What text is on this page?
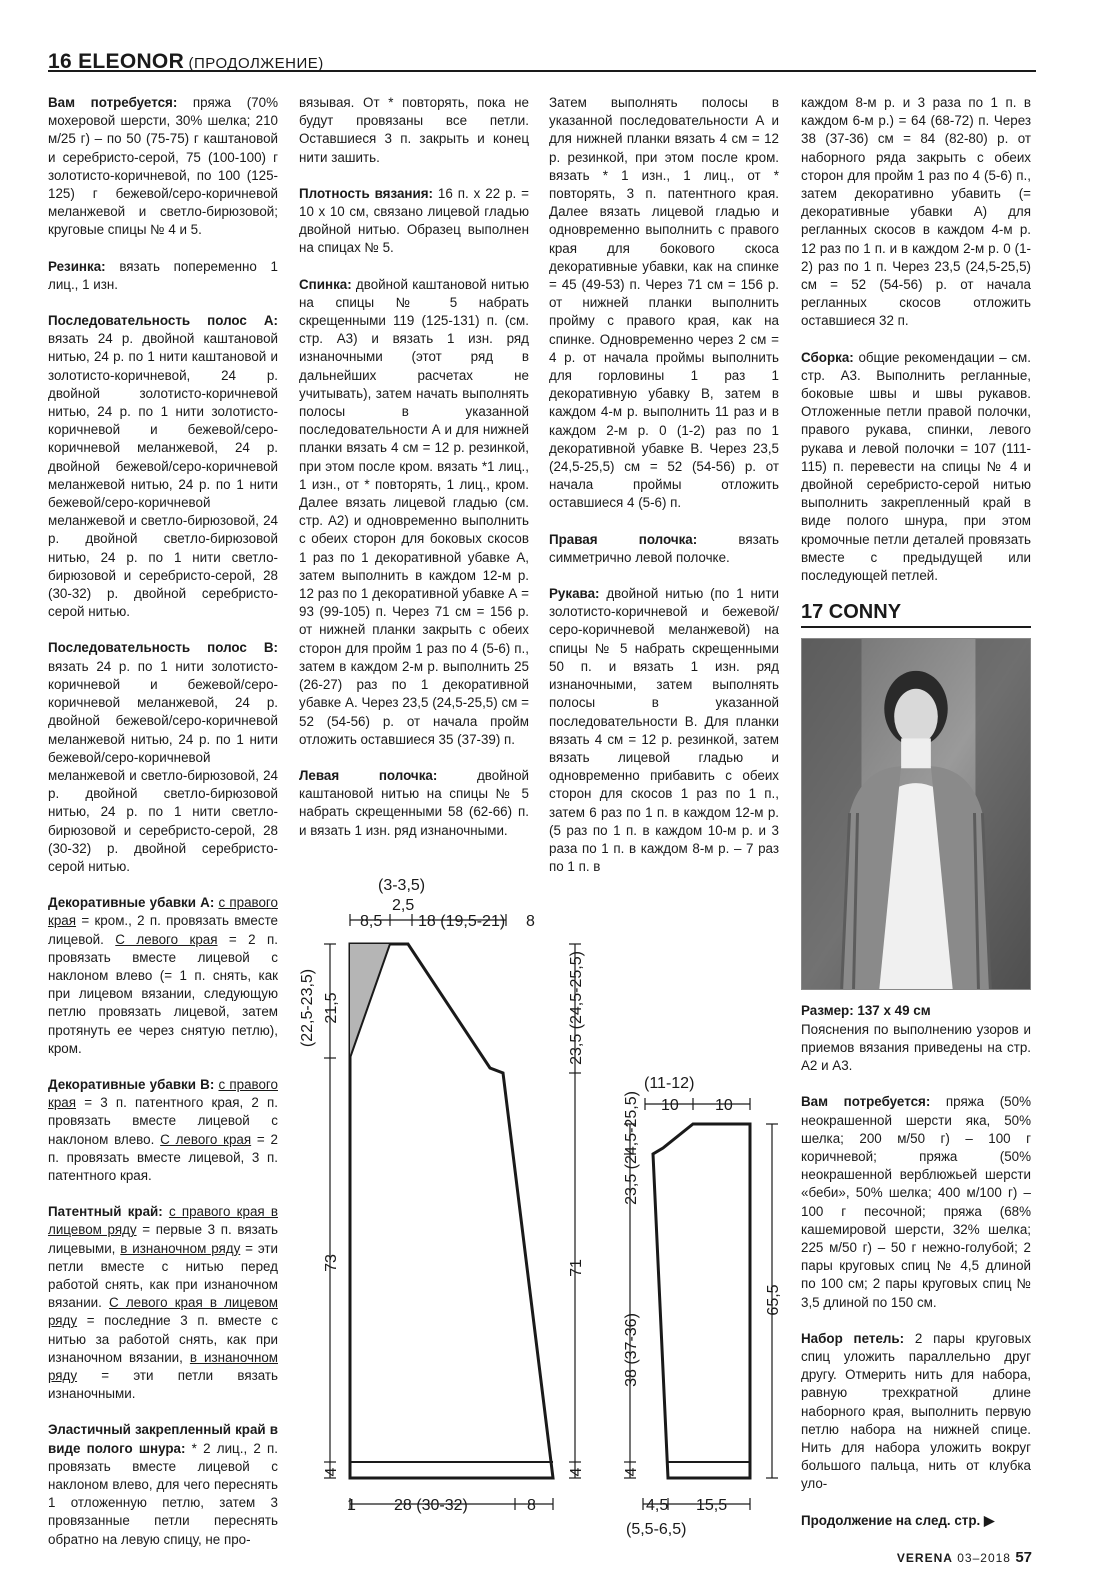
16 ELEONOR (ПРОДОЛЖЕНИЕ)

Вам потребуется: пряжа (70% мохеровой шерсти, 30% шелка; 210 м/25 г) – по 50 (75-75) г каштановой и серебристо-серой, 75 (100-100) г золотисто-коричневой, по 100 (125-125) г бежевой/серо-коричневой меланжевой и светло-бирюзовой; круговые спицы № 4 и 5.

Резинка: вязать попеременно 1 лиц., 1 изн.

Последовательность полос А: вязать 24 р. двойной каштановой нитью, 24 р. по 1 нити каштановой и золотисто-коричневой, 24 р. двойной золотисто-коричневой нитью, 24 р. по 1 нити золотисто-коричневой и бежевой/серо-коричневой меланжевой, 24 р. двойной бежевой/серо-коричневой меланжевой нитью, 24 р. по 1 нити бежевой/серо-коричневой меланжевой и светло-бирюзовой, 24 р. двойной светло-бирюзовой нитью, 24 р. по 1 нити светло-бирюзовой и серебристо-серой, 28 (30-32) р. двойной серебристо-серой нитью.

Последовательность полос В: вязать 24 р. по 1 нити золотисто-коричневой и бежевой/серо-коричневой меланжевой, 24 р. двойной бежевой/серо-коричневой меланжевой нитью, 24 р. по 1 нити бежевой/серо-коричневой меланжевой и светло-бирюзовой, 24 р. двойной светло-бирюзовой нитью, 24 р. по 1 нити светло-бирюзовой и серебристо-серой, 28 (30-32) р. двойной серебристо-серой нитью.

Декоративные убавки А: с правого края = кром., 2 п. провязать вместе лицевой. С левого края = 2 п. провязать вместе лицевой с наклоном влево (= 1 п. снять, как при лицевом вязании, следующую петлю провязать лицевой, затем протянуть ее через снятую петлю), кром.

Декоративные убавки В: с правого края = 3 п. патентного края, 2 п. провязать вместе лицевой с наклоном влево. С левого края = 2 п. провязать вместе лицевой, 3 п. патентного края.

Патентный край: с правого края в лицевом ряду = первые 3 п. вязать лицевыми, в изнаночном ряду = эти петли вместе с нитью перед работой снять, как при изнаночном вязании. С левого края в лицевом ряду = последние 3 п. вместе с нитью за работой снять, как при изнаночном вязании, в изнаночном ряду = эти петли вязать изнаночными.

Эластичный закрепленный край в виде полого шнура: * 2 лиц., 2 п. провязать вместе лицевой с наклоном влево, для чего переснять 1 отложенную петлю, затем 3 провязанные петли переснять обратно на левую спицу, не про-

вязывая. От * повторять, пока не будут провязаны все петли. Оставшиеся 3 п. закрыть и конец нити зашить.

Плотность вязания: 16 п. x 22 р. = 10 x 10 см, связано лицевой гладью двойной нитью. Образец выполнен на спицах № 5.

Спинка: двойной каштановой нитью на спицы № 5 набрать скрещенными 119 (125-131) п. (см. стр. А3) и вязать 1 изн. ряд изнаночными (этот ряд в дальнейших расчетах не учитывать), затем начать выполнять полосы в указанной последовательности А и для нижней планки вязать 4 см = 12 р. резинкой, при этом после кром. вязать *1 лиц., 1 изн., от * повторять, 1 лиц., кром. Далее вязать лицевой гладью (см. стр. А2) и одновременно выполнить с обеих сторон для боковых скосов 1 раз по 1 декоративной убавке А, затем выполнить в каждом 12-м р. 12 раз по 1 декоративной убавке А = 93 (99-105) п. Через 71 см = 156 р. от нижней планки закрыть с обеих сторон для пройм 1 раз по 4 (5-6) п., затем в каждом 2-м р. выполнить 25 (26-27) раз по 1 декоративной убавке А. Через 23,5 (24,5-25,5) см = 52 (54-56) р. от начала пройм отложить оставшиеся 35 (37-39) п.

Левая полочка: двойной каштановой нитью на спицы № 5 набрать скрещенными 58 (62-66) п. и вязать 1 изн. ряд изнаночными.

Затем выполнять полосы в указанной последовательности А и для нижней планки вязать 4 см = 12 р. резинкой, при этом после кром. вязать * 1 изн., 1 лиц., от * повторять, 3 п. патентного края. Далее вязать лицевой гладью и одновременно выполнить с правого края для бокового скоса декоративные убавки, как на спинке = 45 (49-53) п. Через 71 см = 156 р. от нижней планки выполнить пройму с правого края, как на спинке. Одновременно через 2 см = 4 р. от начала проймы выполнить для горловины 1 раз 1 декоративную убавку В, затем в каждом 4-м р. выполнить 11 раз и в каждом 2-м р. 0 (1-2) раз по 1 декоративной убавке В. Через 23,5 (24,5-25,5) см = 52 (54-56) р. от начала проймы отложить оставшиеся 4 (5-6) п.

Правая полочка: вязать симметрично левой полочке.

Рукава: двойной нитью (по 1 нити золотисто-коричневой и бежевой/серо-коричневой меланжевой) на спицы № 5 набрать скрещенными 50 п. и вязать 1 изн. ряд изнаночными, затем выполнять полосы в указанной последовательности В. Для планки вязать 4 см = 12 р. резинкой, затем вязать лицевой гладью и одновременно прибавить с обеих сторон для скосов 1 раз по 1 п., затем 6 раз по 1 п. в каждом 12-м р. (5 раз по 1 п. в каждом 10-м р. и 3 раза по 1 п. в каждом 8-м р. – 7 раз по 1 п. в

каждом 8-м р. и 3 раза по 1 п. в каждом 6-м р.) = 64 (68-72) п. Через 38 (37-36) см = 84 (82-80) р. от наборного ряда закрыть с обеих сторон для пройм 1 раз по 4 (5-6) п., затем декоративно убавить (= декоративные убавки А) для регланных скосов в каждом 4-м р. 12 раз по 1 п. и в каждом 2-м р. 0 (1-2) раз по 1 п. Через 23,5 (24,5-25,5) см = 52 (54-56) р. от начала регланных скосов отложить оставшиеся 32 п.

Сборка: общие рекомендации – см. стр. А3. Выполнить регланные, боковые швы и швы рукавов. Отложенные петли правой полочки, правого рукава, спинки, левого рукава и левой полочки = 107 (111-115) п. перевести на спицы № 4 и двойной серебристо-серой нитью выполнить закрепленный край в виде полого шнура, при этом кромочные петли деталей провязать вместе с предыдущей или последующей петлей.

17 CONNY

Размер: 137 х 49 см
Пояснения по выполнению узоров и приемов вязания приведены на стр. А2 и А3.

Вам потребуется: пряжа (50% неокрашенной шерсти яка, 50% шелка; 200 м/50 г) – 100 г коричневой; пряжа (50% неокрашенной верблюжьей шерсти «беби», 50% шелка; 400 м/100 г) – 100 г песочной; пряжа (68% кашемировой шерсти, 32% шелка; 225 м/50 г) – 50 г нежно-голубой; 2 пары круговых спиц № 4,5 длиной по 100 см; 2 пары круговых спиц № 3,5 длиной по 150 см.

Набор петель: 2 пары круговых спиц уложить параллельно друг другу. Отмерить нить для набора, равную трехкратной длине наборного края, выполнить первую петлю набора на нижней спице. Нить для набора уложить вокруг большого пальца, нить от клубка уло-

Продолжение на след. стр. ▶
(3-3,5)
2,5
8,5 18 (19,5-21) 8
21,5
(22,5-23,5)
73
4
23,5 (24,5-25,5)
71
4
1 28 (30-32)	8
(11-12)
10 10
23,5 (24,5-25,5)
38 (37-36)
4
65,5
4,5 15,5
(5,5-6,5)
VERENA 03–2018 57
